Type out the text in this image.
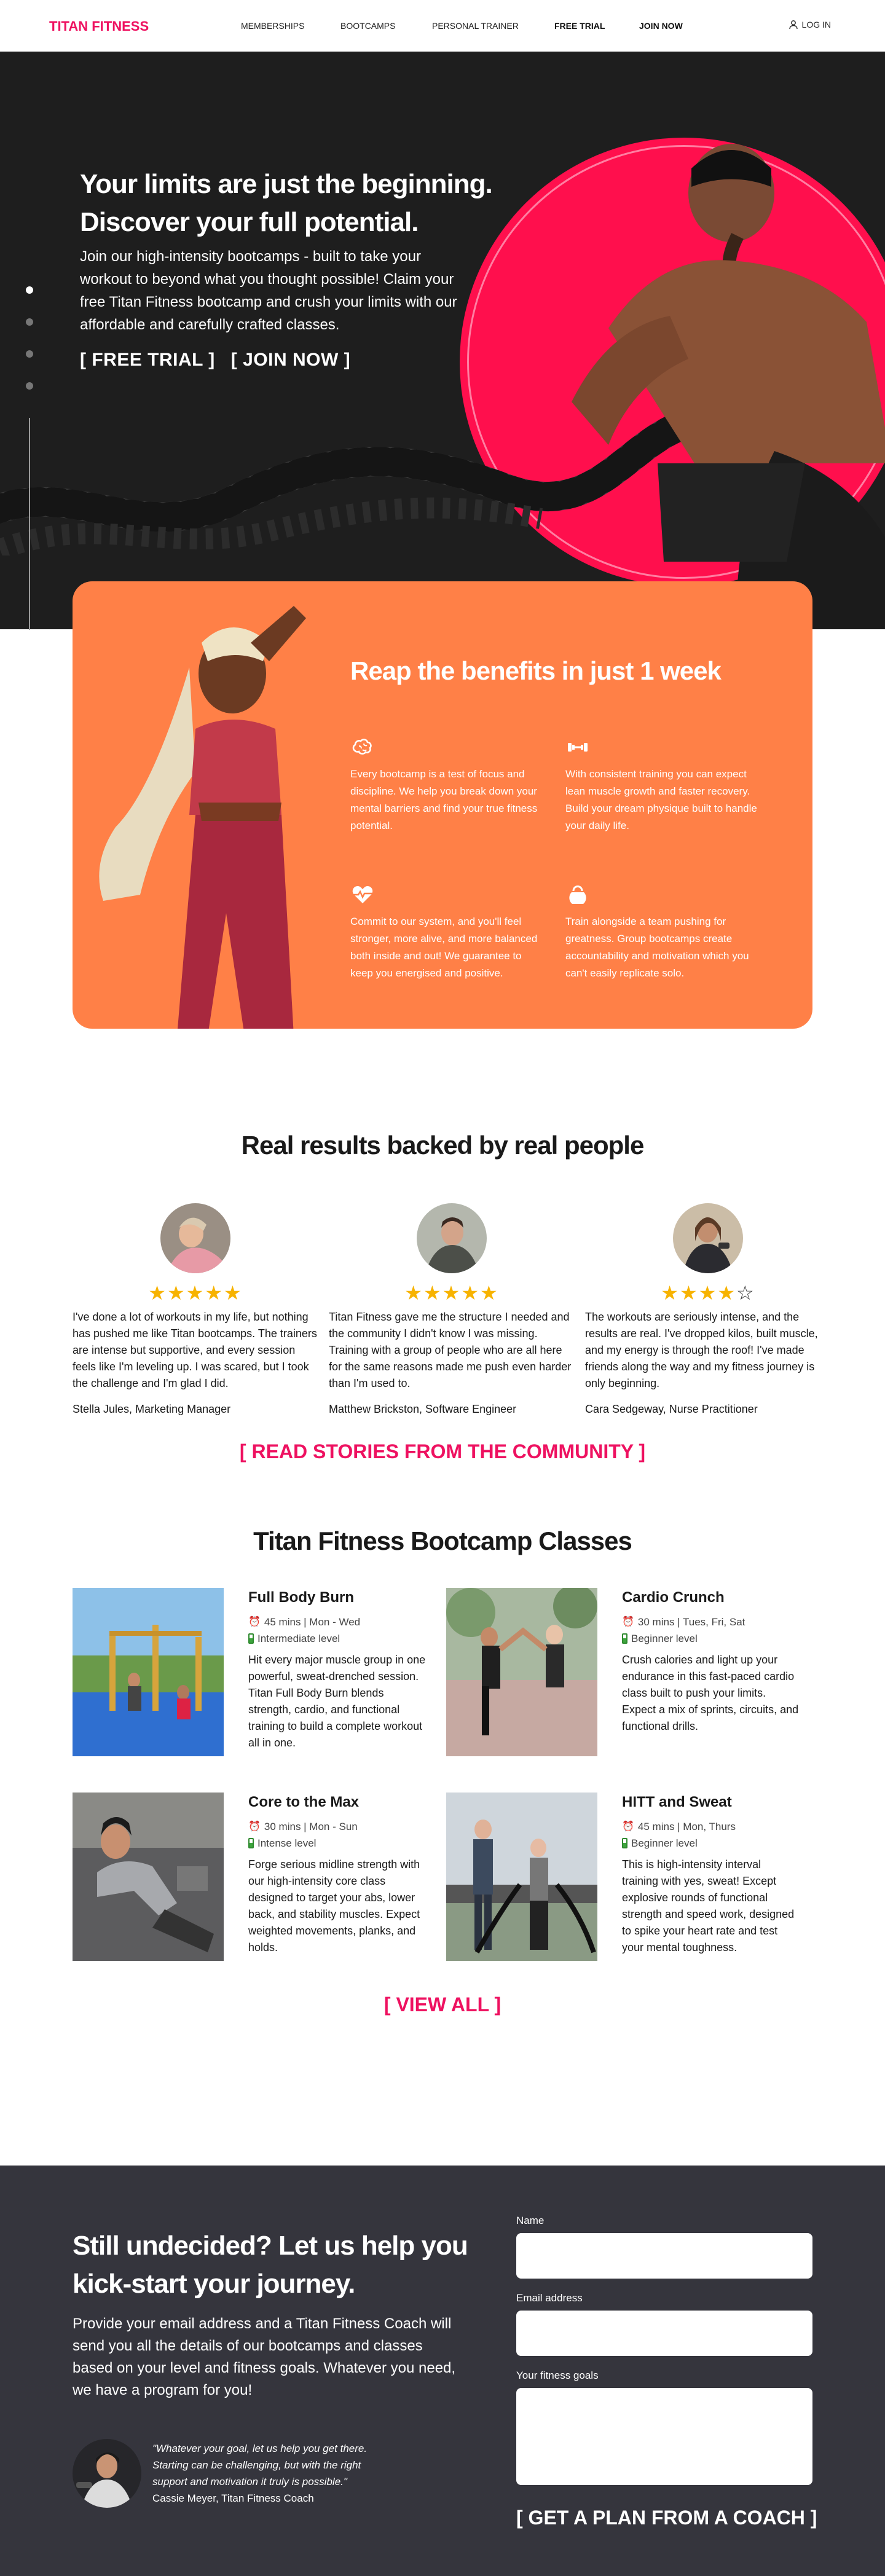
TITAN FITNESS	MEMBERSHIPS	BOOTCAMPS	PERSONAL TRAINER	FREE TRIAL	JOIN NOW	LOG IN
Your limits are just the beginning. Discover your full potential.

Join our high-intensity bootcamps - built to take your workout to beyond what you thought possible! Claim your free Titan Fitness bootcamp and crush your limits with our affordable and carefully crafted classes.

[ FREE TRIAL ] [ JOIN NOW ]
Reap the benefits in just 1 week
Every bootcamp is a test of focus and discipline. We help you break down your mental barriers and find your true fitness potential.
With consistent training you can expect lean muscle growth and faster recovery. Build your dream physique built to handle your daily life.
Commit to our system, and you'll feel stronger, more alive, and more balanced both inside and out! We guarantee to keep you energised and positive.
Train alongside a team pushing for greatness. Group bootcamps create accountability and motivation which you can't easily replicate solo.
Real results backed by real people
★★★★★
I've done a lot of workouts in my life, but nothing has pushed me like Titan bootcamps. The trainers are intense but supportive, and every session feels like I'm leveling up. I was scared, but I took the challenge and I'm glad I did.
Stella Jules, Marketing Manager
★★★★★
Titan Fitness gave me the structure I needed and the community I didn't know I was missing. Training with a group of people who are all here for the same reasons made me push even harder than I'm used to.
Matthew Brickston, Software Engineer
★★★★☆
The workouts are seriously intense, and the results are real. I've dropped kilos, built muscle, and my energy is through the roof! I've made friends along the way and my fitness journey is only beginning.
Cara Sedgeway, Nurse Practitioner
[ READ STORIES FROM THE COMMUNITY ]
Titan Fitness Bootcamp Classes
Full Body Burn
⏰ 45 mins | Mon - Wed
Intermediate level
Hit every major muscle group in one powerful, sweat-drenched session. Titan Full Body Burn blends strength, cardio, and functional training to build a complete workout all in one.
Cardio Crunch
⏰ 30 mins | Tues, Fri, Sat
Beginner level
Crush calories and light up your endurance in this fast-paced cardio class built to push your limits. Expect a mix of sprints, circuits, and functional drills.
Core to the Max
⏰ 30 mins | Mon - Sun
Intense level
Forge serious midline strength with our high-intensity core class designed to target your abs, lower back, and stability muscles. Expect weighted movements, planks, and holds.
HITT and Sweat
⏰ 45 mins | Mon, Thurs
Beginner level
This is high-intensity interval training with yes, sweat! Except explosive rounds of functional strength and speed work, designed to spike your heart rate and test your mental toughness.
[ VIEW ALL ]
Still undecided? Let us help you kick-start your journey.

Provide your email address and a Titan Fitness Coach will send you all the details of our bootcamps and classes based on your level and fitness goals. Whatever you need, we have a program for you!

"Whatever your goal, let us help you get there. Starting can be challenging, but with the right support and motivation it truly is possible."
Cassie Meyer, Titan Fitness Coach
Name
Email address
Your fitness goals
[ GET A PLAN FROM A COACH ]
